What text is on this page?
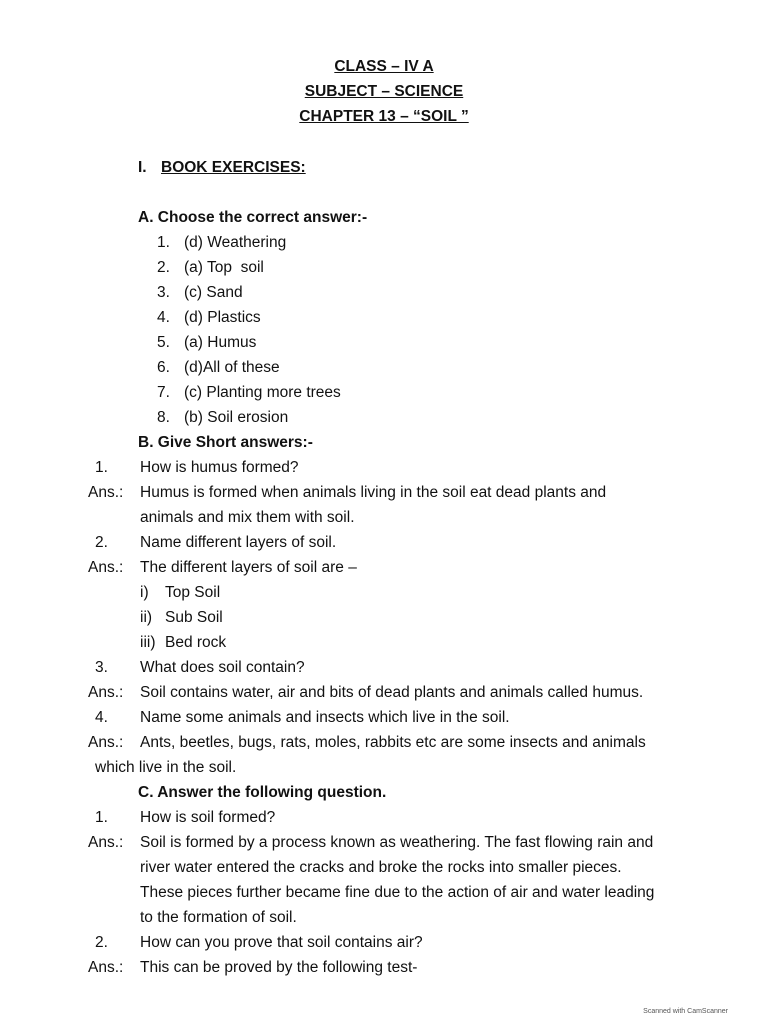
CLASS – IV A
SUBJECT – SCIENCE
CHAPTER 13 – “SOIL ”
I. BOOK EXERCISES:
A. Choose the correct answer:-
1. (d) Weathering
2. (a) Top  soil
3. (c) Sand
4. (d) Plastics
5. (a) Humus
6. (d)All of these
7. (c) Planting more trees
8. (b) Soil erosion
B. Give Short answers:-
1. How is humus formed?
Ans.: Humus is formed when animals living in the soil eat dead plants and
animals and mix them with soil.
2. Name different layers of soil.
Ans.: The different layers of soil are –
i) Top Soil
ii) Sub Soil
iii) Bed rock
3. What does soil contain?
Ans.: Soil contains water, air and bits of dead plants and animals called humus.
4. Name some animals and insects which live in the soil.
Ans.: Ants, beetles, bugs, rats, moles, rabbits etc are some insects and animals
which live in the soil.
C. Answer the following question.
1. How is soil formed?
Ans.: Soil is formed by a process known as weathering. The fast flowing rain and
river water entered the cracks and broke the rocks into smaller pieces.
These pieces further became fine due to the action of air and water leading
to the formation of soil.
2. How can you prove that soil contains air?
Ans.: This can be proved by the following test-
Scanned with CamScanner
